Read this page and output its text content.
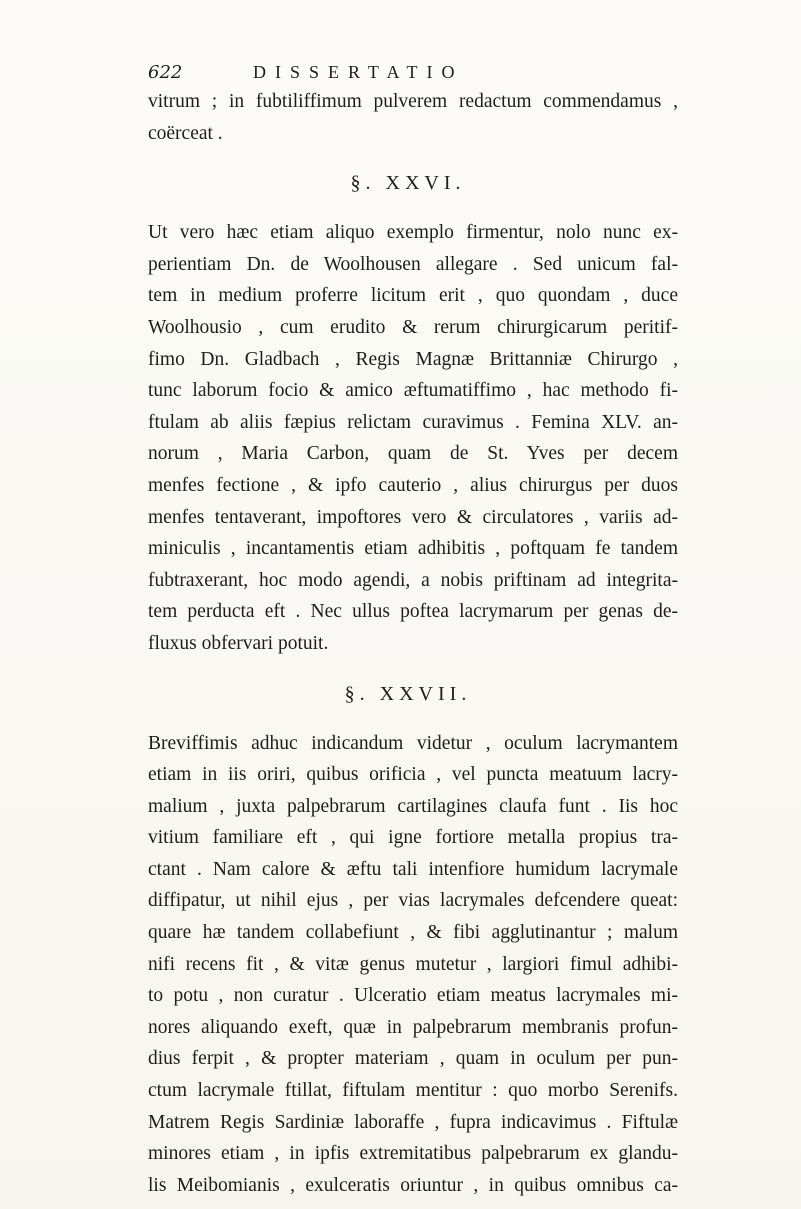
622	DISSERTATIO
vitrum ; in fubtiliffimum pulverem redactum commendamus ,
coërceat .
§. XXVI.
Ut vero hæc etiam aliquo exemplo firmentur, nolo nunc ex-
perientiam Dn. de Woolhousen allegare . Sed unicum fal-
tem in medium proferre licitum erit , quo quondam , duce
Woolhousio , cum erudito & rerum chirurgicarum peritif-
fimo Dn. Gladbach , Regis Magnæ Brittanniæ Chirurgo ,
tunc laborum focio & amico æftumatiffimo , hac methodo fi-
ftulam ab aliis fæpius relictam curavimus . Femina XLV. an-
norum , Maria Carbon, quam de St. Yves per decem
menfes fectione , & ipfo cauterio , alius chirurgus per duos
menfes tentaverant, impoftores vero & circulatores , variis ad-
miniculis , incantamentis etiam adhibitis , poftquam fe tandem
fubtraxerant, hoc modo agendi, a nobis priftinam ad integrita-
tem perducta eft . Nec ullus poftea lacrymarum per genas de-
fluxus obfervari potuit.
§. XXVII.
Breviffimis adhuc indicandum videtur , oculum lacrymantem
etiam in iis oriri, quibus orificia , vel puncta meatuum lacry-
malium , juxta palpebrarum cartilagines claufa funt . Iis hoc
vitium familiare eft , qui igne fortiore metalla propius tra-
ctant . Nam calore & æftu tali intenfiore humidum lacrymale
diffipatur, ut nihil ejus , per vias lacrymales defcendere queat:
quare hæ tandem collabefiunt , & fibi agglutinantur ; malum
nifi recens fit , & vitæ genus mutetur , largiori fimul adhibi-
to potu , non curatur . Ulceratio etiam meatus lacrymales mi-
nores aliquando exeft, quæ in palpebrarum membranis profun-
dius ferpit , & propter materiam , quam in oculum per pun-
ctum lacrymale ftillat, fiftulam mentitur : quo morbo Serenifs.
Matrem Regis Sardiniæ laboraffe , fupra indicavimus . Fiftulæ
minores etiam , in ipfis extremitatibus palpebrarum ex glandu-
lis Meibomianis , exulceratis oriuntur , in quibus omnibus ca-
